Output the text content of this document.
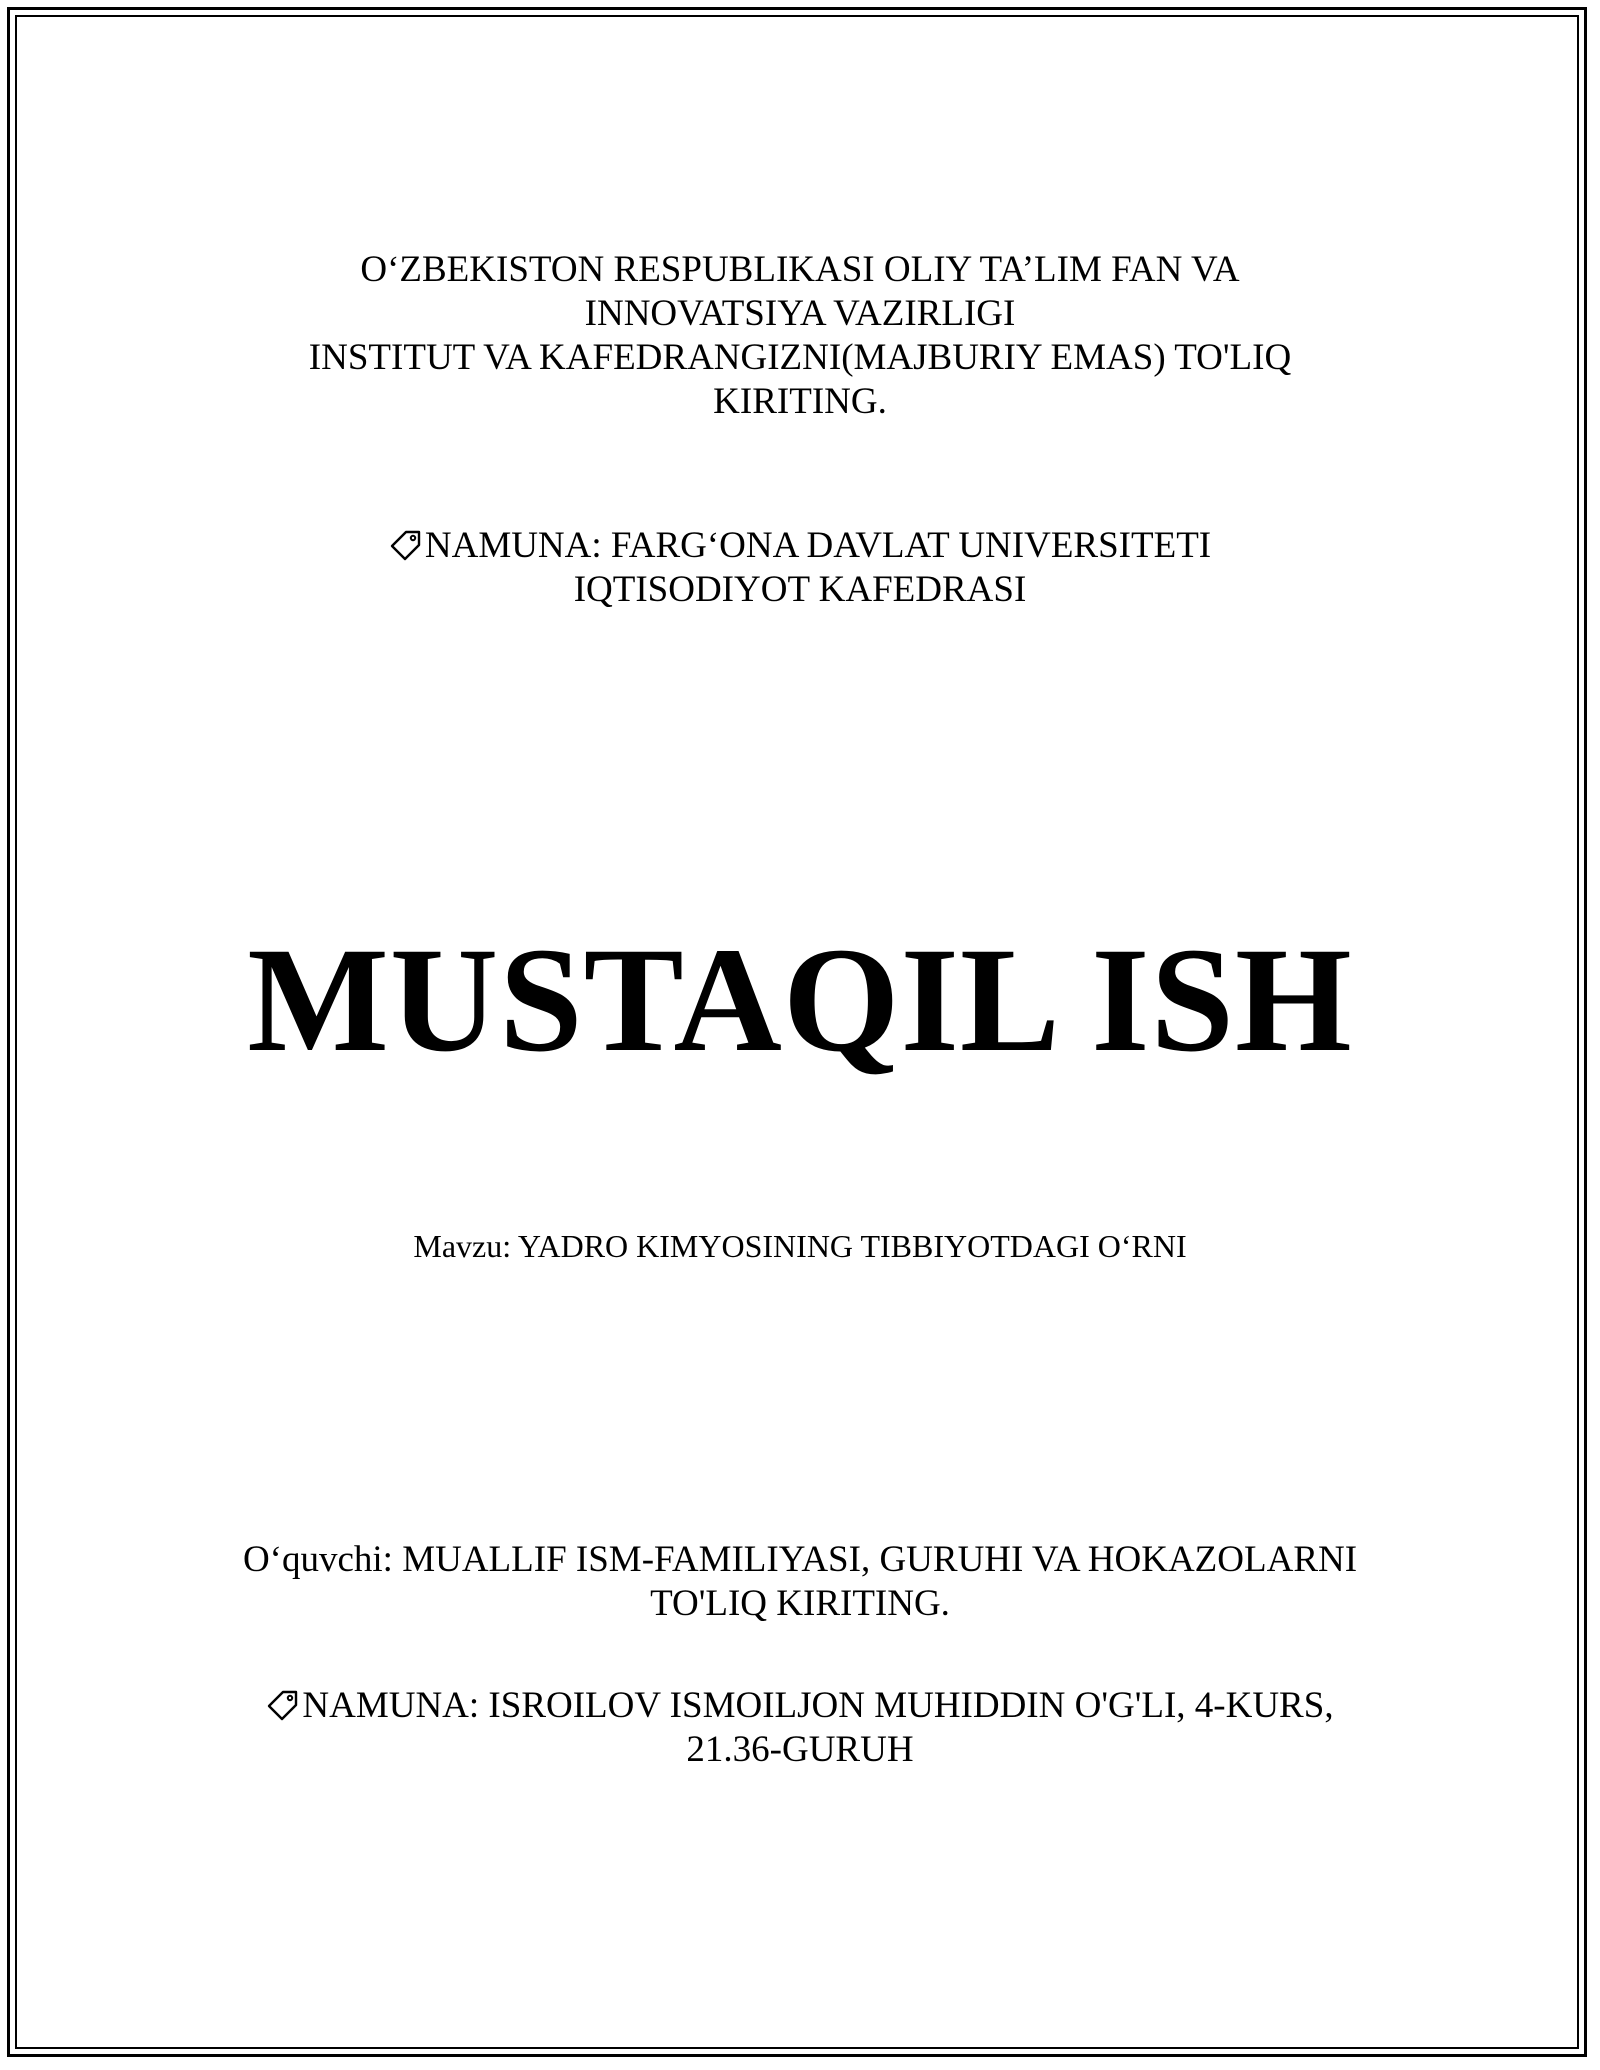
O‘ZBEKISTON RESPUBLIKASI OLIY TA’LIM FAN VA
INNOVATSIYA VAZIRLIGI
INSTITUT VA KAFEDRANGIZNI(MAJBURIY EMAS) TO'LIQ
KIRITING.
NAMUNA: FARG‘ONA DAVLAT UNIVERSITETI
IQTISODIYOT KAFEDRASI
MUSTAQIL ISH
Mavzu: YADRO KIMYOSINING TIBBIYOTDAGI O‘RNI
O‘quvchi: MUALLIF ISM-FAMILIYASI, GURUHI VA HOKAZOLARNI
TO'LIQ KIRITING.
NAMUNA: ISROILOV ISMOILJON MUHIDDIN O'G'LI, 4-KURS,
21.36-GURUH
